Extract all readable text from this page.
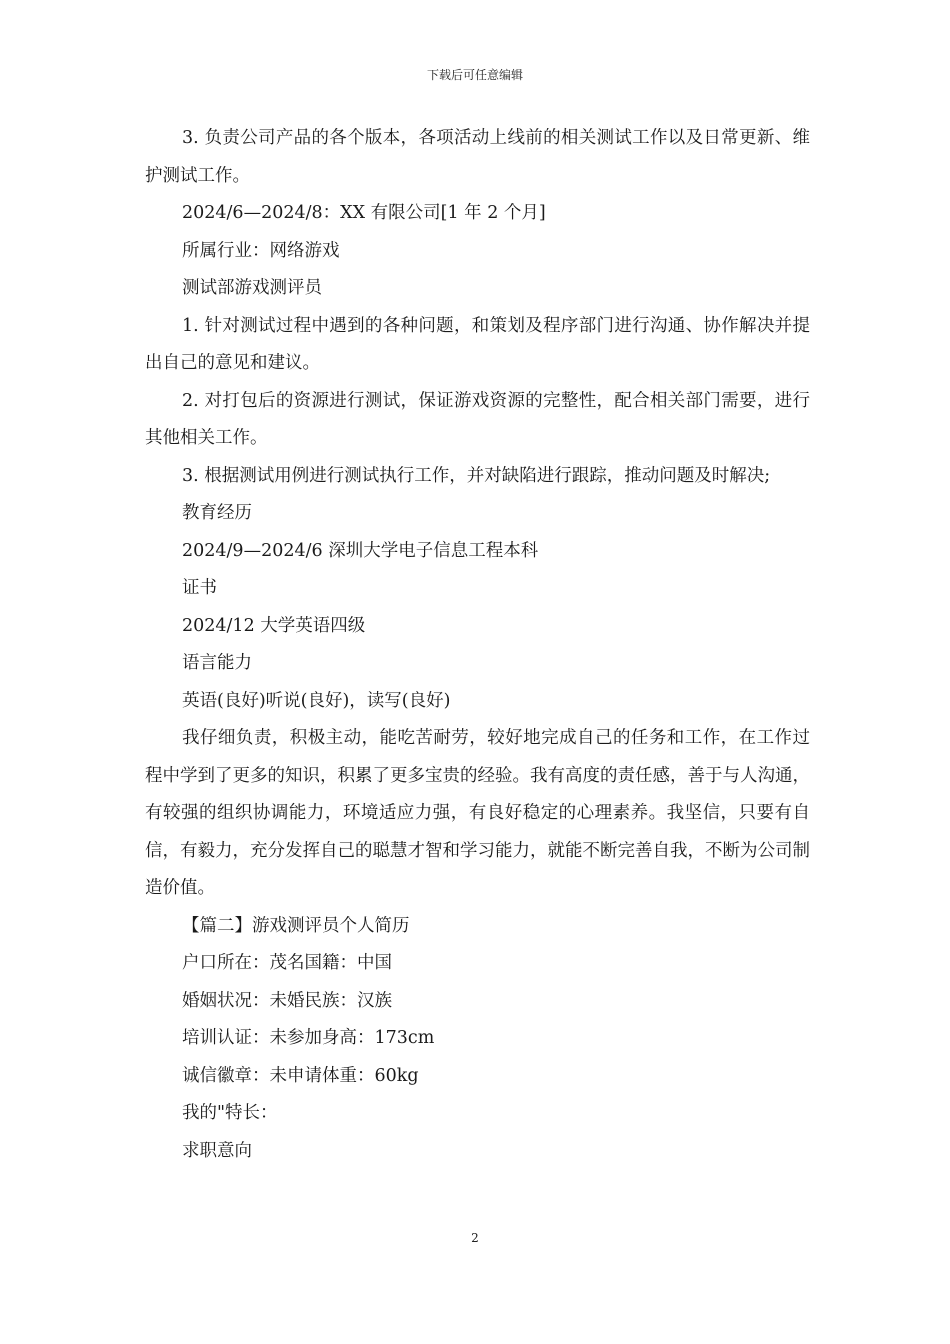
下载后可任意编辑

3. 负责公司产品的各个版本，各项活动上线前的相关测试工作以及日常更新、维护测试工作。

2024/6—2024/8：XX 有限公司[1 年 2 个月]

所属行业：网络游戏

测试部游戏测评员

1. 针对测试过程中遇到的各种问题，和策划及程序部门进行沟通、协作解决并提出自己的意见和建议。

2. 对打包后的资源进行测试，保证游戏资源的完整性，配合相关部门需要，进行其他相关工作。

3. 根据测试用例进行测试执行工作，并对缺陷进行跟踪，推动问题及时解决;

教育经历

2024/9—2024/6 深圳大学电子信息工程本科

证书

2024/12 大学英语四级

语言能力

英语(良好)听说(良好)，读写(良好)

我仔细负责，积极主动，能吃苦耐劳，较好地完成自己的任务和工作，在工作过程中学到了更多的知识，积累了更多宝贵的经验。我有高度的责任感，善于与人沟通，有较强的组织协调能力，环境适应力强，有良好稳定的心理素养。我坚信，只要有自信，有毅力，充分发挥自己的聪慧才智和学习能力，就能不断完善自我，不断为公司制造价值。

【篇二】游戏测评员个人简历

户口所在：茂名国籍：中国

婚姻状况：未婚民族：汉族

培训认证：未参加身高：173cm

诚信徽章：未申请体重：60kg

我的"特长：

求职意向

2
